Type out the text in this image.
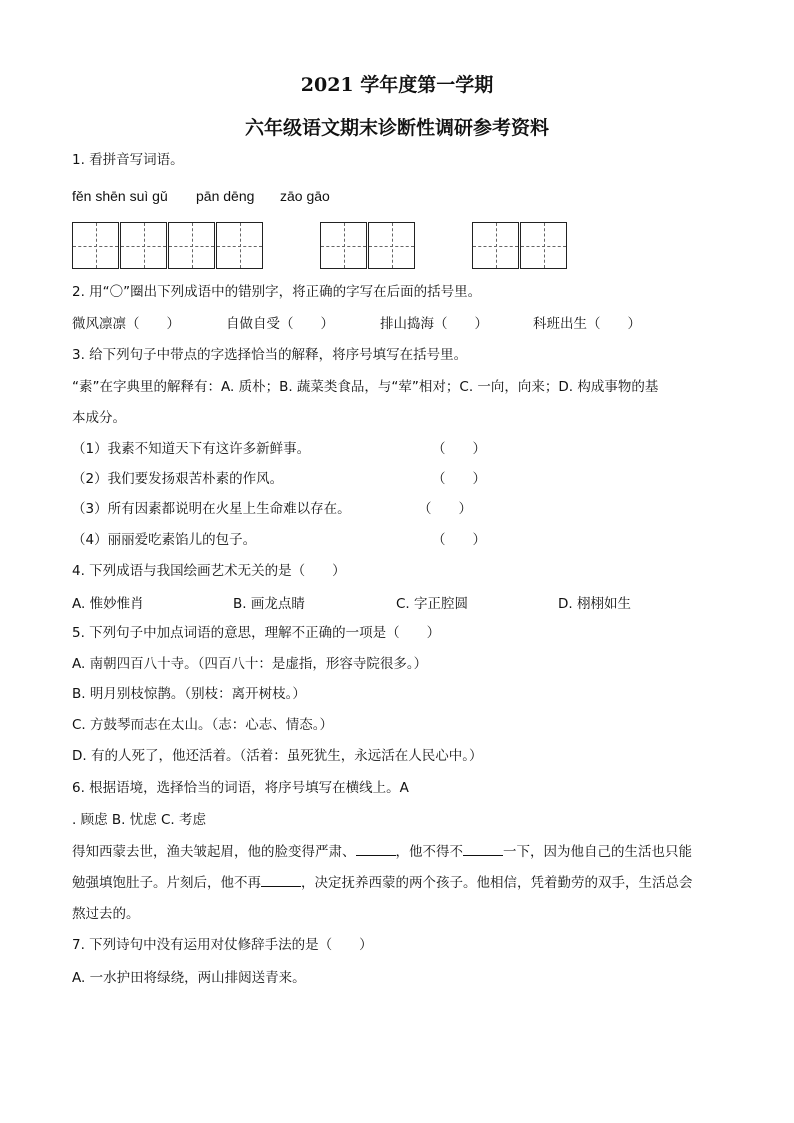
2021 学年度第一学期
六年级语文期末诊断性调研参考资料
1. 看拼音写词语。
fěn shēn suì gǔ pān dēng zāo gāo
2. 用“〇”圈出下列成语中的错别字，将正确的字写在后面的括号里。
微风凛凛（　　）	自做自受（　　）	排山捣海（　　）	科班出生（　　）
3. 给下列句子中带点的字选择恰当的解释，将序号填写在括号里。
“素”在字典里的解释有：A. 质朴；B. 蔬菜类食品，与“荤”相对；C. 一向，向来；D. 构成事物的基
本成分。
（1）我素不知道天下有这许多新鲜事。	（　　）
（2）我们要发扬艰苦朴素的作风。	（　　）
（3）所有因素都说明在火星上生命难以存在。	（　　）
（4）丽丽爱吃素馅儿的包子。	（　　）
4. 下列成语与我国绘画艺术无关的是（　　）
A. 惟妙惟肖	B. 画龙点睛	C. 字正腔圆	D. 栩栩如生
5. 下列句子中加点词语的意思，理解不正确的一项是（　　）
A. 南朝四百八十寺。（四百八十：是虚指，形容寺院很多。）
B. 明月别枝惊鹊。（别枝：离开树枝。）
C. 方鼓琴而志在太山。（志：心志、情态。）
D. 有的人死了，他还活着。（活着：虽死犹生，永远活在人民心中。）
6. 根据语境，选择恰当的词语，将序号填写在横线上。A
. 顾虑 B. 忧虑 C. 考虑
得知西蒙去世，渔夫皱起眉，他的脸变得严肃、	，他不得不	一下，因为他自己的生活也只能
勉强填饱肚子。片刻后，他不再	，决定抚养西蒙的两个孩子。他相信，凭着勤劳的双手，生活总会
熬过去的。
7. 下列诗句中没有运用对仗修辞手法的是（　　）
A. 一水护田将绿绕，两山排闼送青来。
